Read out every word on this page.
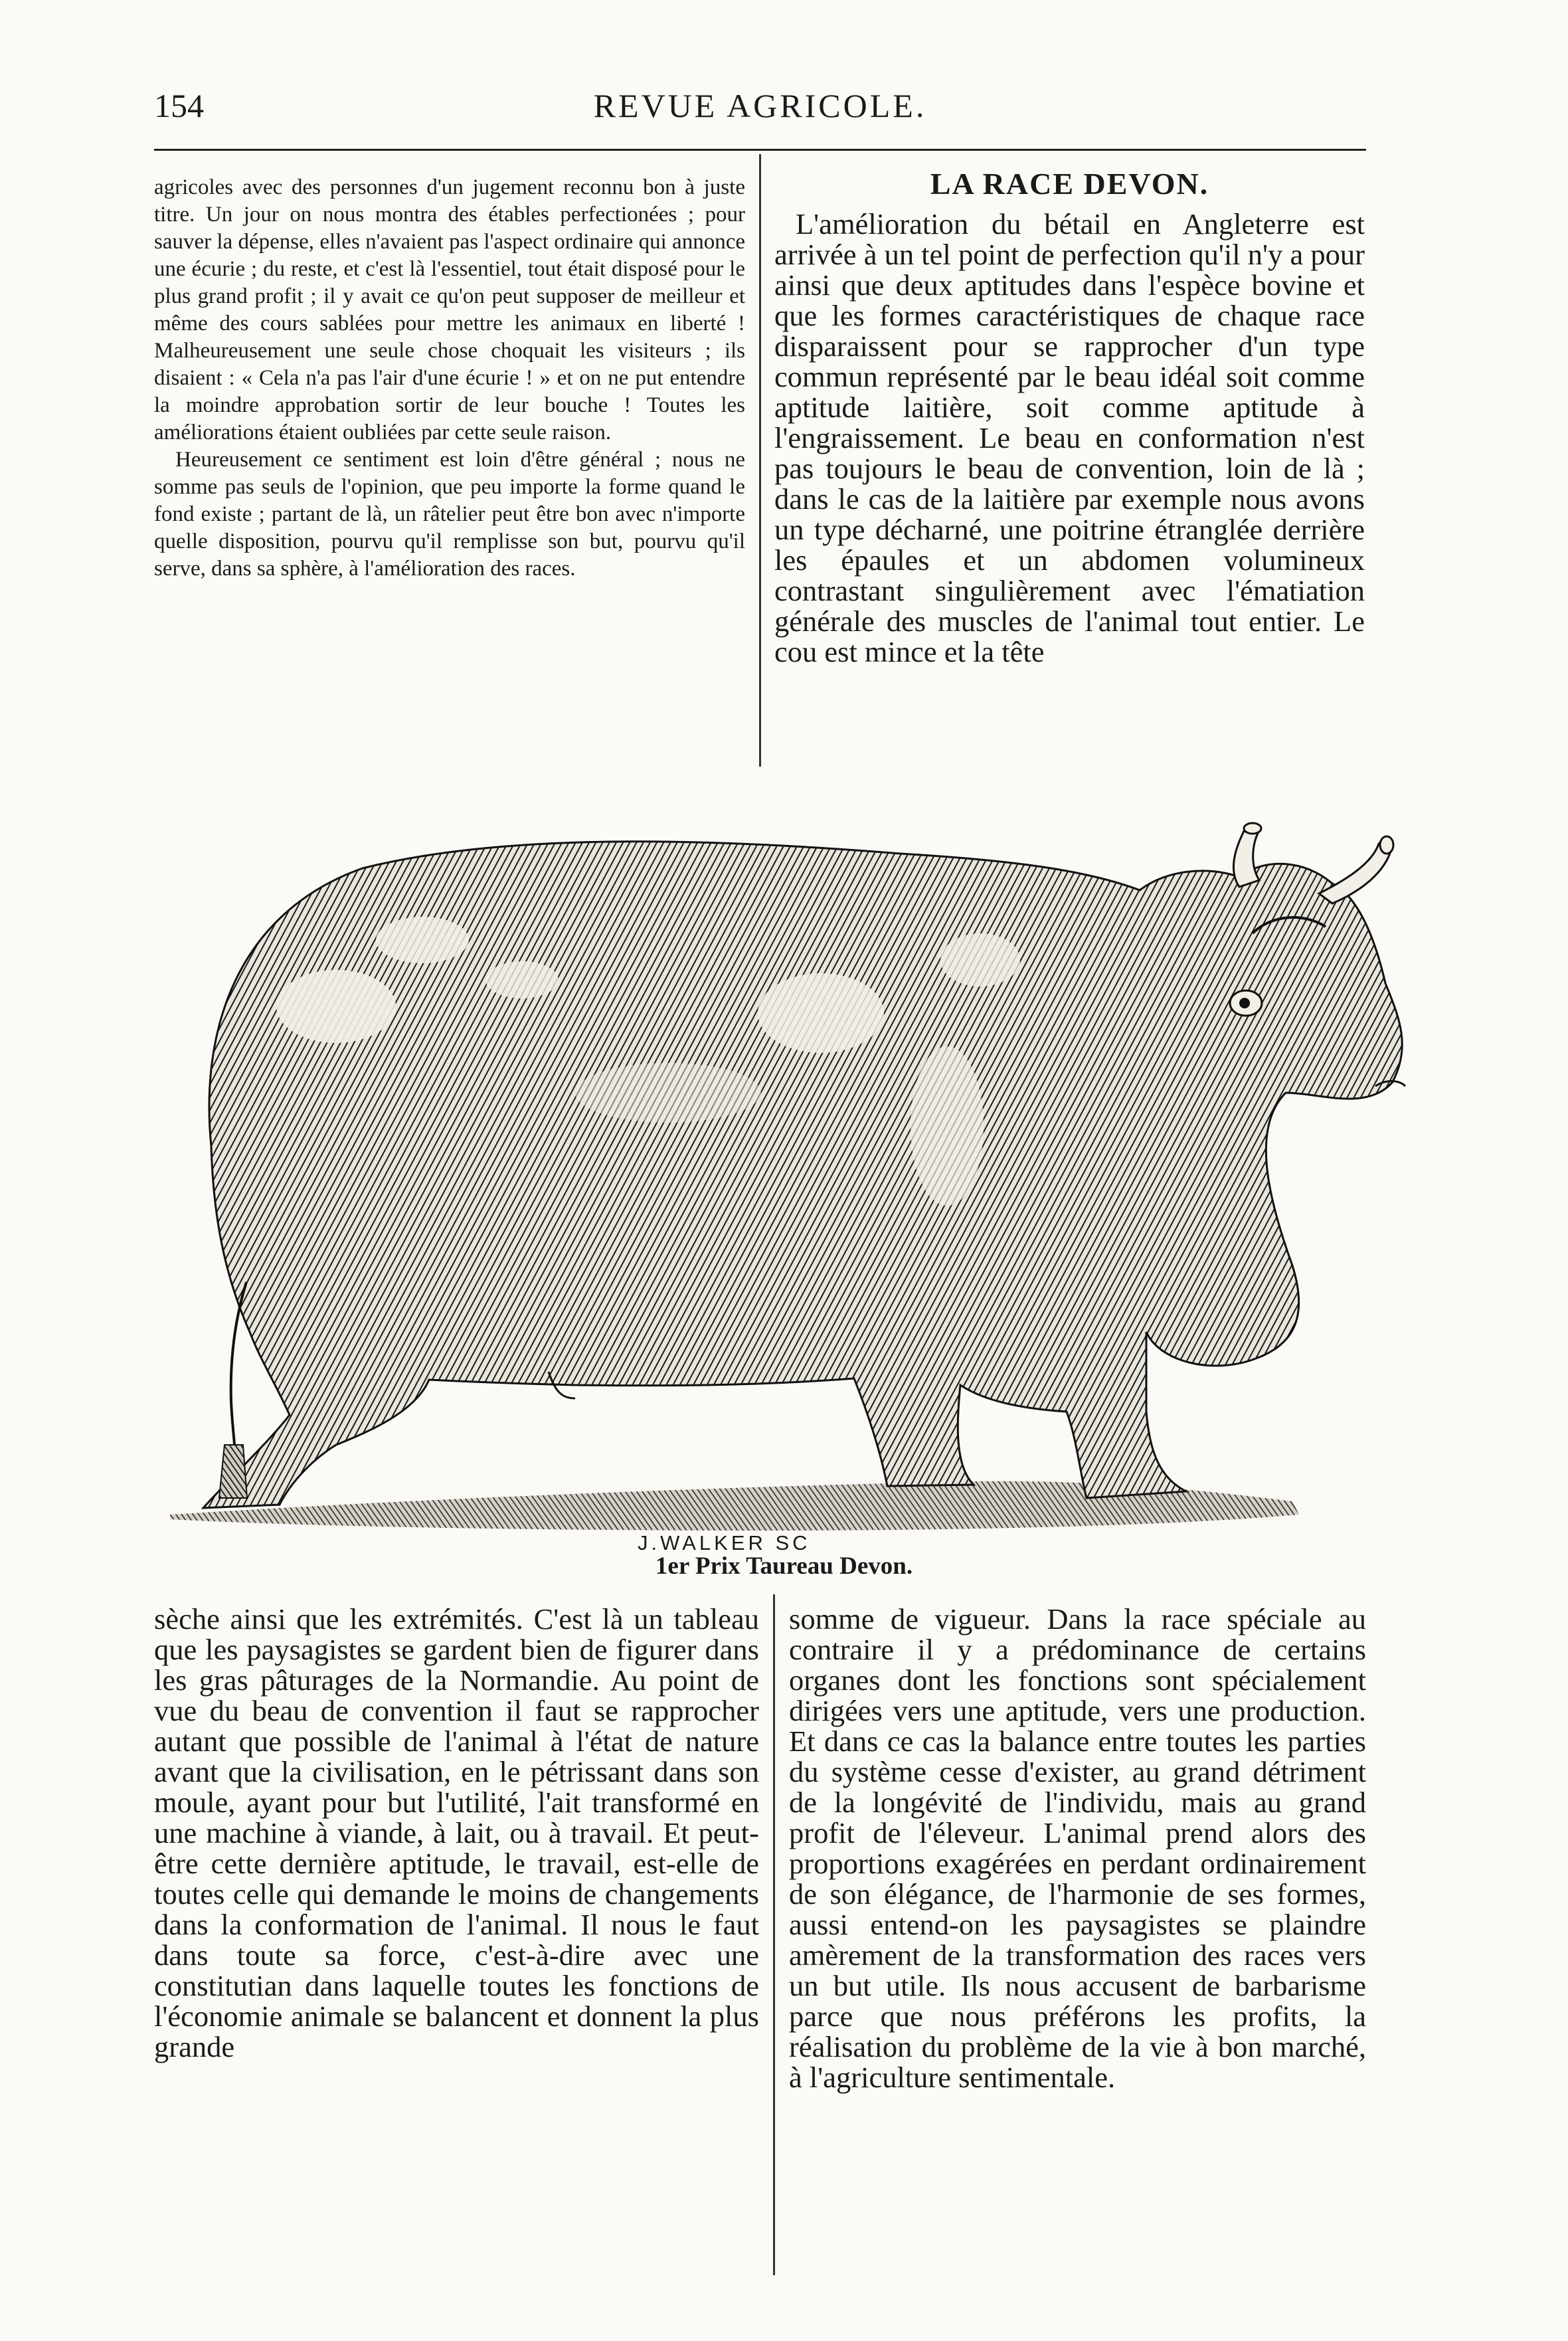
154	REVUE AGRICOLE.

agricoles avec des personnes d'un jugement reconnu bon à juste titre. Un jour on nous montra des étables perfectionées ; pour sauver la dépense, elles n'avaient pas l'aspect ordinaire qui annonce une écurie ; du reste, et c'est là l'essentiel, tout était disposé pour le plus grand profit ; il y avait ce qu'on peut supposer de meilleur et même des cours sablées pour mettre les animaux en liberté ! Malheureusement une seule chose choquait les visiteurs ; ils disaient : « Cela n'a pas l'air d'une écurie ! » et on ne put entendre la moindre approbation sortir de leur bouche ! Toutes les améliorations étaient oubliées par cette seule raison.

Heureusement ce sentiment est loin d'être général ; nous ne somme pas seuls de l'opinion, que peu importe la forme quand le fond existe ; partant de là, un râtelier peut être bon avec n'importe quelle disposition, pourvu qu'il remplisse son but, pourvu qu'il serve, dans sa sphère, à l'amélioration des races.

LA RACE DEVON.

L'amélioration du bétail en Angleterre est arrivée à un tel point de perfection qu'il n'y a pour ainsi que deux aptitudes dans l'espèce bovine et que les formes caractéristiques de chaque race disparaissent pour se rapprocher d'un type commun représenté par le beau idéal soit comme aptitude laitière, soit comme aptitude à l'engraissement. Le beau en conformation n'est pas toujours le beau de convention, loin de là ; dans le cas de la laitière par exemple nous avons un type décharné, une poitrine étranglée derrière les épaules et un abdomen volumineux contrastant singulièrement avec l'ématiation générale des muscles de l'animal tout entier. Le cou est mince et la tête

J.WALKER SC
1er Prix Taureau Devon.

sèche ainsi que les extrémités. C'est là un tableau que les paysagistes se gardent bien de figurer dans les gras pâturages de la Normandie. Au point de vue du beau de convention il faut se rapprocher autant que possible de l'animal à l'état de nature avant que la civilisation, en le pétrissant dans son moule, ayant pour but l'utilité, l'ait transformé en une machine à viande, à lait, ou à travail. Et peut-être cette dernière aptitude, le travail, est-elle de toutes celle qui demande le moins de changements dans la conformation de l'animal. Il nous le faut dans toute sa force, c'est-à-dire avec une constitutian dans laquelle toutes les fonctions de l'économie animale se balancent et donnent la plus grande

somme de vigueur. Dans la race spéciale au contraire il y a prédominance de certains organes dont les fonctions sont spécialement dirigées vers une aptitude, vers une production. Et dans ce cas la balance entre toutes les parties du système cesse d'exister, au grand détriment de la longévité de l'individu, mais au grand profit de l'éleveur. L'animal prend alors des proportions exagérées en perdant ordinairement de son élégance, de l'harmonie de ses formes, aussi entend-on les paysagistes se plaindre amèrement de la transformation des races vers un but utile. Ils nous accusent de barbarisme parce que nous préférons les profits, la réalisation du problème de la vie à bon marché, à l'agriculture sentimentale.
